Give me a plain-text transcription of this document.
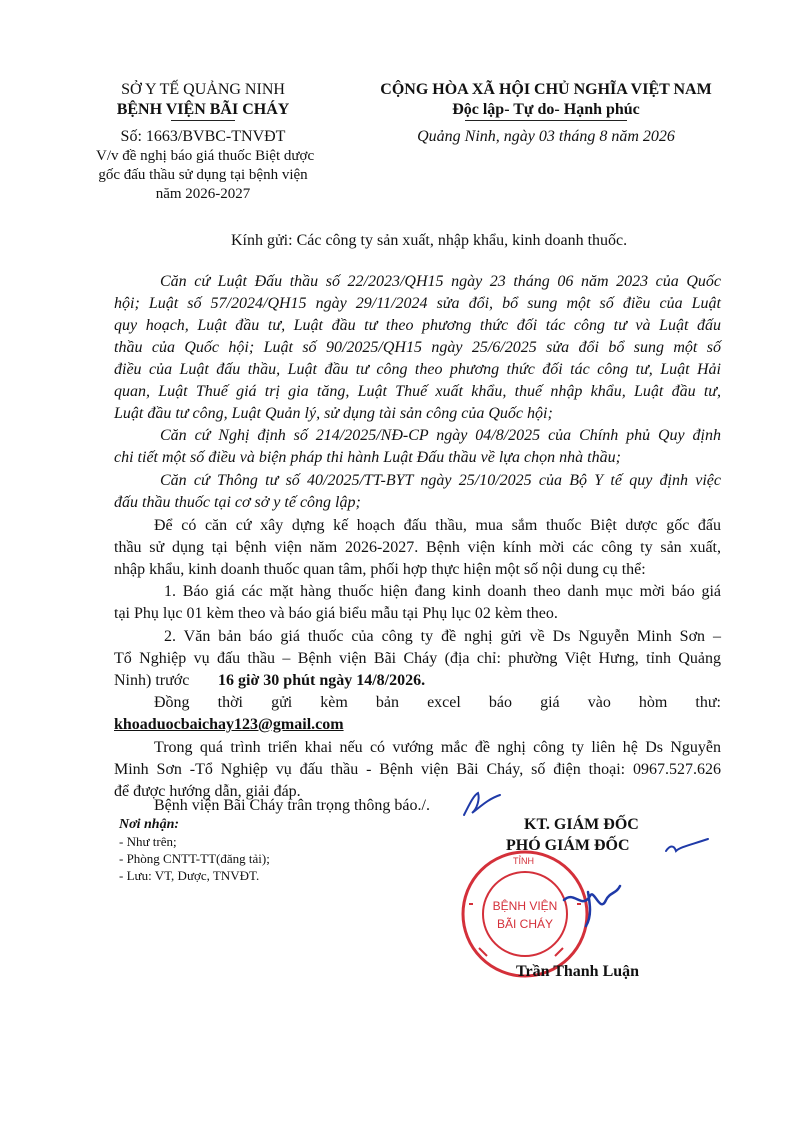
SỞ Y TẾ QUẢNG NINH
BỆNH VIỆN BÃI CHÁY
Số: 1663/BVBC-TNVĐT
V/v đề nghị báo giá thuốc Biệt dược
gốc đấu thầu sử dụng tại bệnh viện
năm 2026-2027
CỘNG HÒA XÃ HỘI CHỦ NGHĨA VIỆT NAM
Độc lập- Tự do- Hạnh phúc
Quảng Ninh, ngày 03 tháng 8 năm 2026
Kính gửi: Các công ty sản xuất, nhập khẩu, kinh doanh thuốc.
Căn cứ Luật Đấu thầu số 22/2023/QH15 ngày 23 tháng 06 năm 2023 của Quốc
hội; Luật số 57/2024/QH15 ngày 29/11/2024 sửa đổi, bổ sung một số điều của Luật
quy hoạch, Luật đầu tư, Luật đầu tư theo phương thức đối tác công tư và Luật đấu
thầu của Quốc hội; Luật số 90/2025/QH15 ngày 25/6/2025 sửa đổi bổ sung một số
điều của Luật đấu thầu, Luật đầu tư công theo phương thức đối tác công tư, Luật Hải
quan, Luật Thuế giá trị gia tăng, Luật Thuế xuất khẩu, thuế nhập khẩu, Luật đầu tư,
Luật đầu tư công, Luật Quản lý, sử dụng tài sản công của Quốc hội;
Căn cứ Nghị định số 214/2025/NĐ-CP ngày 04/8/2025 của Chính phủ Quy định
chi tiết một số điều và biện pháp thi hành Luật Đấu thầu về lựa chọn nhà thầu;
Căn cứ Thông tư số 40/2025/TT-BYT ngày 25/10/2025 của Bộ Y tế quy định việc
đấu thầu thuốc tại cơ sở y tế công lập;
Để có căn cứ xây dựng kế hoạch đấu thầu, mua sắm thuốc Biệt dược gốc đấu
thầu sử dụng tại bệnh viện năm 2026-2027. Bệnh viện kính mời các công ty sản xuất,
nhập khẩu, kinh doanh thuốc quan tâm, phối hợp thực hiện một số nội dung cụ thể:
1. Báo giá các mặt hàng thuốc hiện đang kinh doanh theo danh mục mời báo giá
tại Phụ lục 01 kèm theo và báo giá biểu mẫu tại Phụ lục 02 kèm theo.
2. Văn bản báo giá thuốc của công ty đề nghị gửi về Ds Nguyễn Minh Sơn –
Tổ Nghiệp vụ đấu thầu – Bệnh viện Bãi Cháy (địa chỉ: phường Việt Hưng, tỉnh Quảng
Ninh) trước 16 giờ 30 phút ngày 14/8/2026.
Đồng thời gửi kèm bản excel báo giá vào hòm thư:
khoaduocbaichay123@gmail.com
Trong quá trình triển khai nếu có vướng mắc đề nghị công ty liên hệ Ds Nguyễn
Minh Sơn -Tổ Nghiệp vụ đấu thầu - Bệnh viện Bãi Cháy, số điện thoại: 0967.527.626
để được hướng dẫn, giải đáp.
Bệnh viện Bãi Cháy trân trọng thông báo./.
Nơi nhận:
- Như trên;
- Phòng CNTT-TT(đăng tải);
- Lưu: VT, Dược, TNVĐT.
KT. GIÁM ĐỐC
PHÓ GIÁM ĐỐC
TỈNH
BỆNH VIỆN
BÃI CHÁY
Trần Thanh Luận
